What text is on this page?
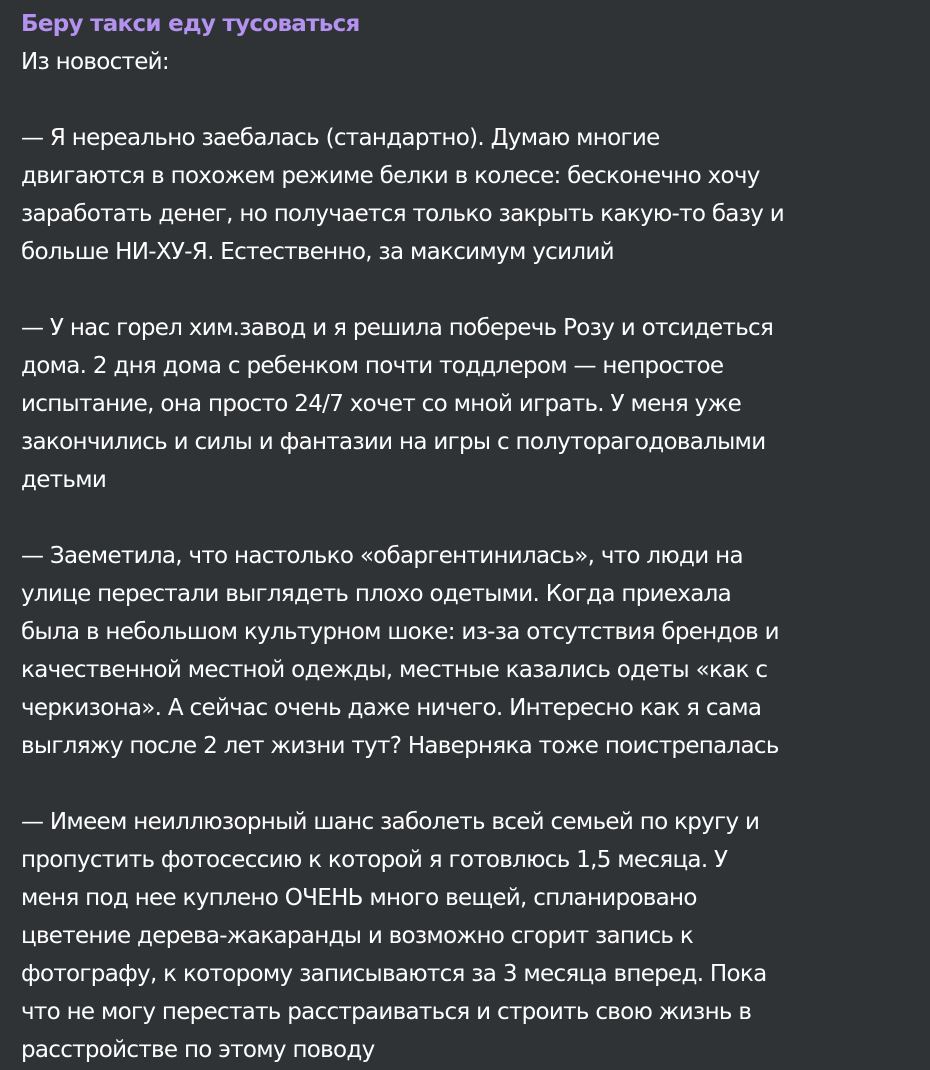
Беру такси еду тусоваться
Из новостей:
— Я нереально заебалась (стандартно). Думаю многие
двигаются в похожем режиме белки в колесе: бесконечно хочу
заработать денег, но получается только закрыть какую-то базу и
больше НИ-ХУ-Я. Естественно, за максимум усилий
— У нас горел хим.завод и я решила поберечь Розу и отсидеться
дома. 2 дня дома с ребенком почти тоддлером — непростое
испытание, она просто 24/7 хочет со мной играть. У меня уже
закончились и силы и фантазии на игры с полуторагодовалыми
детьми
— Заеметила, что настолько «обаргентинилась», что люди на
улице перестали выглядеть плохо одетыми. Когда приехала
была в небольшом культурном шоке: из-за отсутствия брендов и
качественной местной одежды, местные казались одеты «как с
черкизона». А сейчас очень даже ничего. Интересно как я сама
выгляжу после 2 лет жизни тут? Наверняка тоже поистрепалась
— Имеем неиллюзорный шанс заболеть всей семьей по кругу и
пропустить фотосессию к которой я готовлюсь 1,5 месяца. У
меня под нее куплено ОЧЕНЬ много вещей, спланировано
цветение дерева-жакаранды и возможно сгорит запись к
фотографу, к которому записываются за 3 месяца вперед. Пока
что не могу перестать расстраиваться и строить свою жизнь в
расстройстве по этому поводу
